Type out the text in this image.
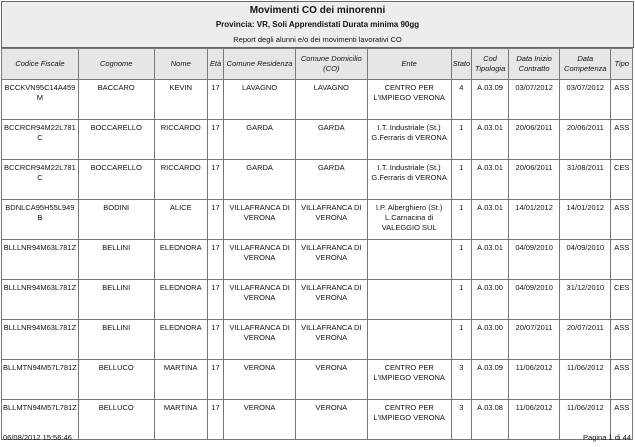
Movimenti CO dei minorenni
Provincia: VR, Soli Apprendistati Durata minima 90gg
Report degli alunni e/o dei movimenti lavorativi CO
Codice Fiscale	Cognome	Nome	Età	Comune Residenza	Comune Domicilio (CO)	Ente	Stato	Cod Tipologia	Data Inizio Contratto	Data Competenza	Tipo
BCCKVN95C14A459M	BACCARO	KEVIN	17	LAVAGNO	LAVAGNO	CENTRO PER L'IMPIEGO VERONA	4	A.03.09	03/07/2012	03/07/2012	ASS
BCCRCR94M22L781C	BOCCARELLO	RICCARDO	17	GARDA	GARDA	I.T. Industriale (St.) G.Ferraris di VERONA	1	A.03.01	20/06/2011	20/06/2011	ASS
BCCRCR94M22L781C	BOCCARELLO	RICCARDO	17	GARDA	GARDA	I.T. Industriale (St.) G.Ferraris di VERONA	1	A.03.01	20/06/2011	31/08/2011	CES
BDNLCA95H55L949B	BODINI	ALICE	17	VILLAFRANCA DI VERONA	VILLAFRANCA DI VERONA	I.P. Alberghiero (St.) L.Carnacina di VALEGGIO SUL	1	A.03.01	14/01/2012	14/01/2012	ASS
BLLLNR94M63L781Z	BELLINI	ELEONORA	17	VILLAFRANCA DI VERONA	VILLAFRANCA DI VERONA		1	A.03.01	04/09/2010	04/09/2010	ASS
BLLLNR94M63L781Z	BELLINI	ELEONORA	17	VILLAFRANCA DI VERONA	VILLAFRANCA DI VERONA		1	A.03.00	04/09/2010	31/12/2010	CES
BLLLNR94M63L781Z	BELLINI	ELEONORA	17	VILLAFRANCA DI VERONA	VILLAFRANCA DI VERONA		1	A.03.00	20/07/2011	20/07/2011	ASS
BLLMTN94M57L781Z	BELLUCO	MARTINA	17	VERONA	VERONA	CENTRO PER L'IMPIEGO VERONA	3	A.03.09	11/06/2012	11/06/2012	ASS
BLLMTN94M57L781Z	BELLUCO	MARTINA	17	VERONA	VERONA	CENTRO PER L'IMPIEGO VERONA	3	A.03.08	11/06/2012	11/06/2012	ASS
06/08/2012 15:56:46	Pagina 1 di 44
